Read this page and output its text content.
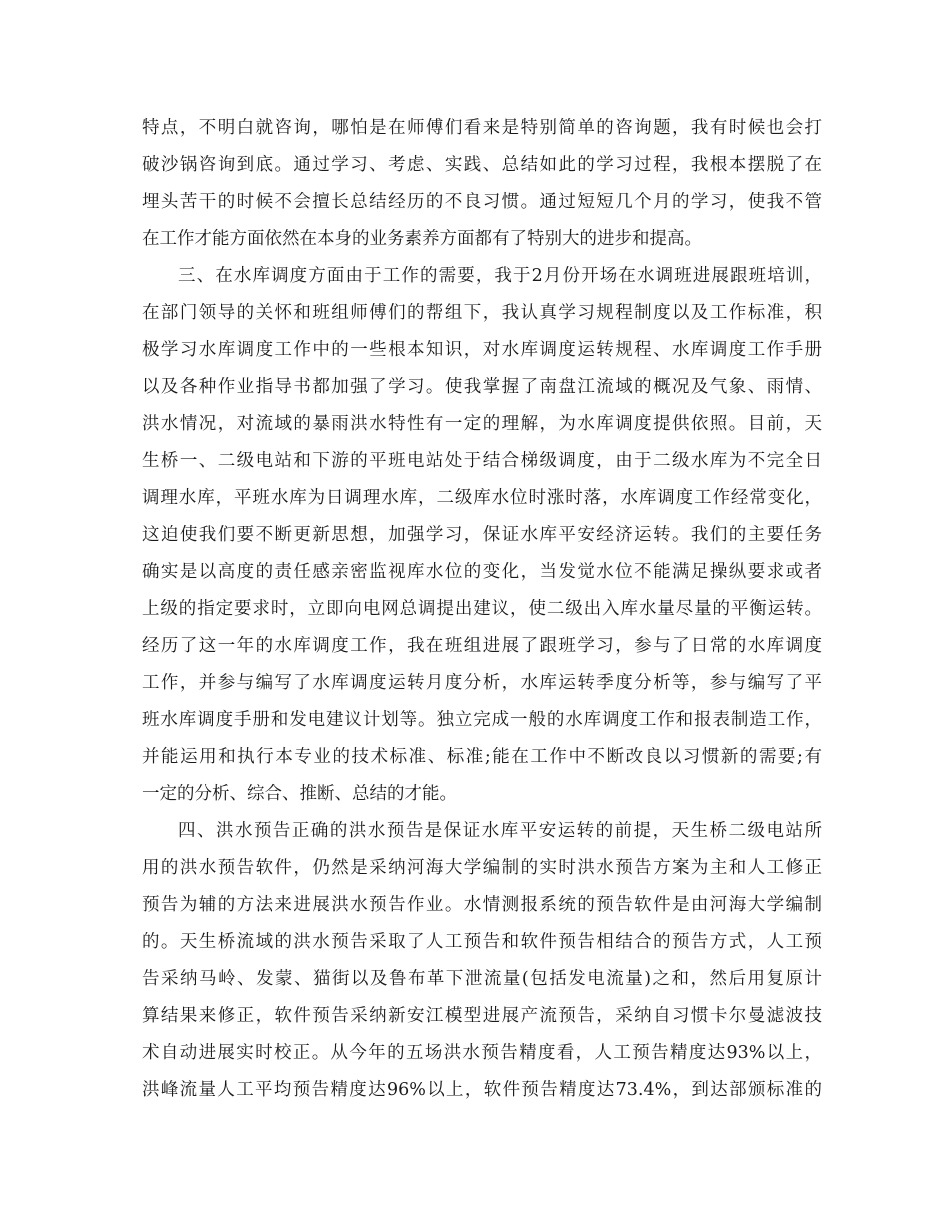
特点，不明白就咨询，哪怕是在师傅们看来是特别简单的咨询题，我有时候也会打
破沙锅咨询到底。通过学习、考虑、实践、总结如此的学习过程，我根本摆脱了在
埋头苦干的时候不会擅长总结经历的不良习惯。通过短短几个月的学习，使我不管
在工作才能方面依然在本身的业务素养方面都有了特别大的进步和提高。
三、在水库调度方面由于工作的需要，我于2月份开场在水调班进展跟班培训，
在部门领导的关怀和班组师傅们的帮组下，我认真学习规程制度以及工作标准，积
极学习水库调度工作中的一些根本知识，对水库调度运转规程、水库调度工作手册
以及各种作业指导书都加强了学习。使我掌握了南盘江流域的概况及气象、雨情、
洪水情况，对流域的暴雨洪水特性有一定的理解，为水库调度提供依照。目前，天
生桥一、二级电站和下游的平班电站处于结合梯级调度，由于二级水库为不完全日
调理水库，平班水库为日调理水库，二级库水位时涨时落，水库调度工作经常变化，
这迫使我们要不断更新思想，加强学习，保证水库平安经济运转。我们的主要任务
确实是以高度的责任感亲密监视库水位的变化，当发觉水位不能满足操纵要求或者
上级的指定要求时，立即向电网总调提出建议，使二级出入库水量尽量的平衡运转。
经历了这一年的水库调度工作，我在班组进展了跟班学习，参与了日常的水库调度
工作，并参与编写了水库调度运转月度分析，水库运转季度分析等，参与编写了平
班水库调度手册和发电建议计划等。独立完成一般的水库调度工作和报表制造工作，
并能运用和执行本专业的技术标准、标准;能在工作中不断改良以习惯新的需要;有
一定的分析、综合、推断、总结的才能。
四、洪水预告正确的洪水预告是保证水库平安运转的前提，天生桥二级电站所
用的洪水预告软件，仍然是采纳河海大学编制的实时洪水预告方案为主和人工修正
预告为辅的方法来进展洪水预告作业。水情测报系统的预告软件是由河海大学编制
的。天生桥流域的洪水预告采取了人工预告和软件预告相结合的预告方式，人工预
告采纳马岭、发蒙、猫街以及鲁布革下泄流量(包括发电流量)之和，然后用复原计
算结果来修正，软件预告采纳新安江模型进展产流预告，采纳自习惯卡尔曼滤波技
术自动进展实时校正。从今年的五场洪水预告精度看，人工预告精度达93%以上，
洪峰流量人工平均预告精度达96%以上，软件预告精度达73.4%，到达部颁标准的
